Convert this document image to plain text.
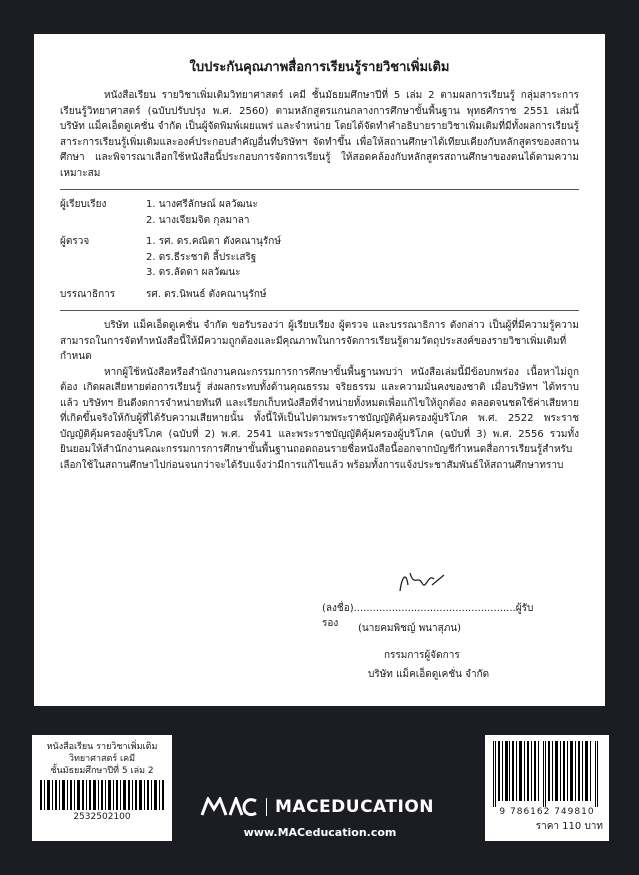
ใบประกันคุณภาพสื่อการเรียนรู้รายวิชาเพิ่มเติม

หนังสือเรียน รายวิชาเพิ่มเติมวิทยาศาสตร์ เคมี ชั้นมัธยมศึกษาปีที่ 5 เล่ม 2 ตามผลการเรียนรู้ กลุ่มสาระการเรียนรู้วิทยาศาสตร์ (ฉบับปรับปรุง พ.ศ. 2560) ตามหลักสูตรแกนกลางการศึกษาขั้นพื้นฐาน พุทธศักราช 2551 เล่มนี้ บริษัท แม็คเอ็ดดูเคชั่น จำกัด เป็นผู้จัดพิมพ์เผยแพร่ และจำหน่าย โดยได้จัดทำคำอธิบายรายวิชาเพิ่มเติมที่มีทั้งผลการเรียนรู้ สาระการเรียนรู้เพิ่มเติมและองค์ประกอบสำคัญอื่นที่บริษัทฯ จัดทำขึ้น เพื่อให้สถานศึกษาได้เทียบเคียงกับหลักสูตรของสถานศึกษา และพิจารณาเลือกใช้หนังสือนี้ประกอบการจัดการเรียนรู้ ให้สอดคล้องกับหลักสูตรสถานศึกษาของตนได้ตามความเหมาะสม

ผู้เรียบเรียง	1. นางศรีลักษณ์ ผลวัฒนะ
2. นางเจียมจิต กุลมาลา
ผู้ตรวจ	1. รศ. ดร.คณิตา ตังคณานุรักษ์
2. ดร.ธีระชาติ ลี้ประเสริฐ
3. ดร.ลัดดา ผลวัฒนะ
บรรณาธิการ	รศ. ดร.นิพนธ์ ตังคณานุรักษ์

บริษัท แม็คเอ็ดดูเคชั่น จำกัด ขอรับรองว่า ผู้เรียบเรียง ผู้ตรวจ และบรรณาธิการ ดังกล่าว เป็นผู้ที่มีความรู้ความสามารถในการจัดทำหนังสือนี้ให้มีความถูกต้องและมีคุณภาพในการจัดการเรียนรู้ตามวัตถุประสงค์ของรายวิชาเพิ่มเติมที่กำหนด

หากผู้ใช้หนังสือหรือสำนักงานคณะกรรมการการศึกษาขั้นพื้นฐานพบว่า หนังสือเล่มนี้มีข้อบกพร่อง เนื้อหาไม่ถูกต้อง เกิดผลเสียหายต่อการเรียนรู้ ส่งผลกระทบทั้งด้านคุณธรรม จริยธรรม และความมั่นคงของชาติ เมื่อบริษัทฯ ได้ทราบแล้ว บริษัทฯ ยินดีงดการจำหน่ายทันที และเรียกเก็บหนังสือที่จำหน่ายทั้งหมดเพื่อแก้ไขให้ถูกต้อง ตลอดจนชดใช้ค่าเสียหายที่เกิดขึ้นจริงให้กับผู้ที่ได้รับความเสียหายนั้น ทั้งนี้ให้เป็นไปตามพระราชบัญญัติคุ้มครองผู้บริโภค พ.ศ. 2522 พระราชบัญญัติคุ้มครองผู้บริโภค (ฉบับที่ 2) พ.ศ. 2541 และพระราชบัญญัติคุ้มครองผู้บริโภค (ฉบับที่ 3) พ.ศ. 2556 รวมทั้งยินยอมให้สำนักงานคณะกรรมการการศึกษาขั้นพื้นฐานถอดถอนรายชื่อหนังสือนี้ออกจากบัญชีกำหนดสื่อการเรียนรู้สำหรับเลือกใช้ในสถานศึกษาไปก่อนจนกว่าจะได้รับแจ้งว่ามีการแก้ไขแล้ว พร้อมทั้งการแจ้งประชาสัมพันธ์ให้สถานศึกษาทราบ

(ลงชื่อ)...................................................ผู้รับรอง	(นายคมพิชญ์ พนาสุภน)
กรรมการผู้จัดการ
บริษัท แม็คเอ็ดดูเคชั่น จำกัด
หนังสือเรียน รายวิชาเพิ่มเติม
วิทยาศาสตร์ เคมี
ชั้นมัธยมศึกษาปีที่ 5 เล่ม 2
2532502100
MACEDUCATION
www.MACeducation.com
9 786162 749810
ราคา 110 บาท
